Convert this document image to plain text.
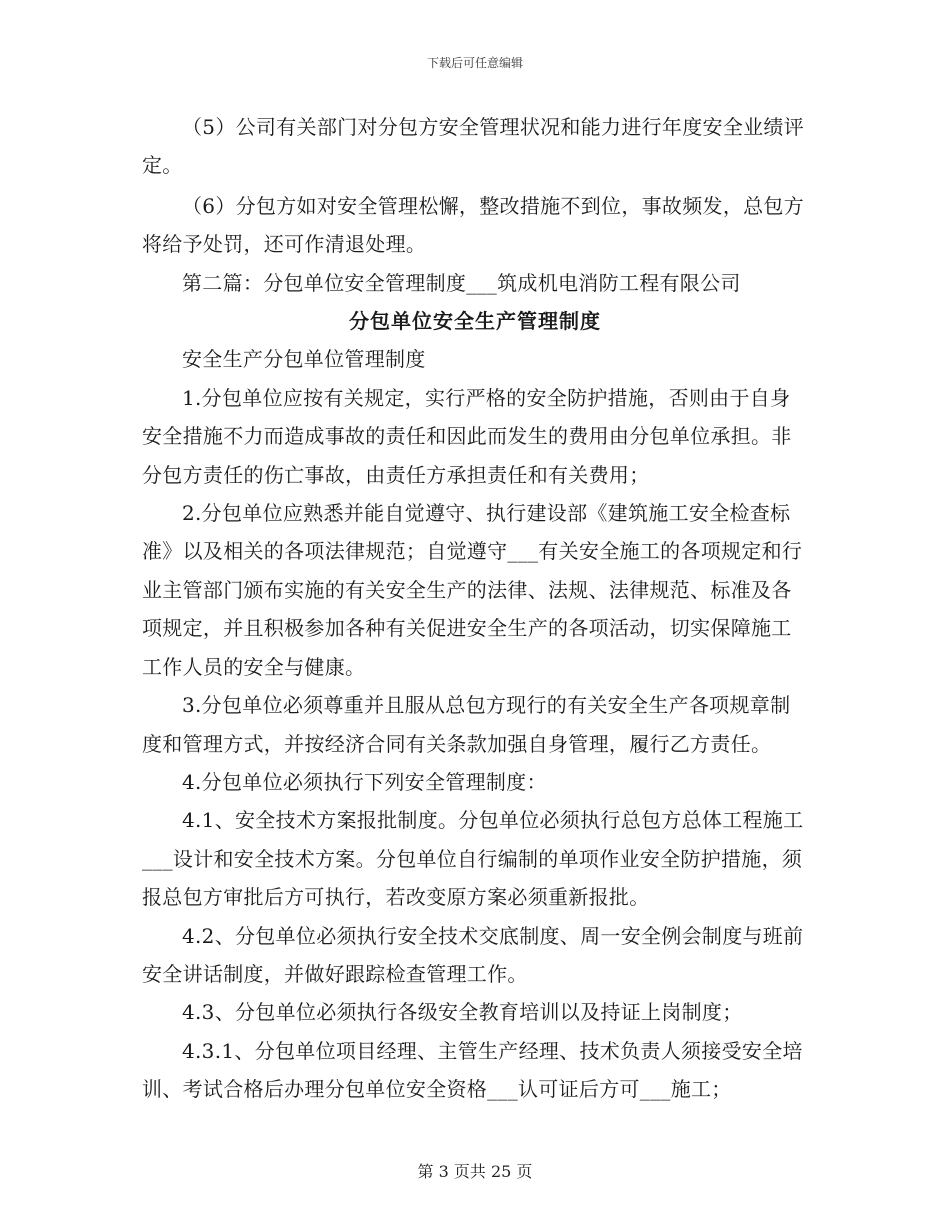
下载后可任意编辑

（5）公司有关部门对分包方安全管理状况和能力进行年度安全业绩评定。

（6）分包方如对安全管理松懈，整改措施不到位，事故频发，总包方将给予处罚，还可作清退处理。

第二篇：分包单位安全管理制度___筑成机电消防工程有限公司

分包单位安全生产管理制度

安全生产分包单位管理制度

1.分包单位应按有关规定，实行严格的安全防护措施，否则由于自身安全措施不力而造成事故的责任和因此而发生的费用由分包单位承担。非分包方责任的伤亡事故，由责任方承担责任和有关费用；

2.分包单位应熟悉并能自觉遵守、执行建设部《建筑施工安全检查标准》以及相关的各项法律规范；自觉遵守___有关安全施工的各项规定和行业主管部门颁布实施的有关安全生产的法律、法规、法律规范、标准及各项规定，并且积极参加各种有关促进安全生产的各项活动，切实保障施工工作人员的安全与健康。

3.分包单位必须尊重并且服从总包方现行的有关安全生产各项规章制度和管理方式，并按经济合同有关条款加强自身管理，履行乙方责任。

4.分包单位必须执行下列安全管理制度：

4.1、安全技术方案报批制度。分包单位必须执行总包方总体工程施工___设计和安全技术方案。分包单位自行编制的单项作业安全防护措施，须报总包方审批后方可执行，若改变原方案必须重新报批。

4.2、分包单位必须执行安全技术交底制度、周一安全例会制度与班前安全讲话制度，并做好跟踪检查管理工作。

4.3、分包单位必须执行各级安全教育培训以及持证上岗制度；

4.3.1、分包单位项目经理、主管生产经理、技术负责人须接受安全培训、考试合格后办理分包单位安全资格___认可证后方可___施工；

第 3 页共 25 页
